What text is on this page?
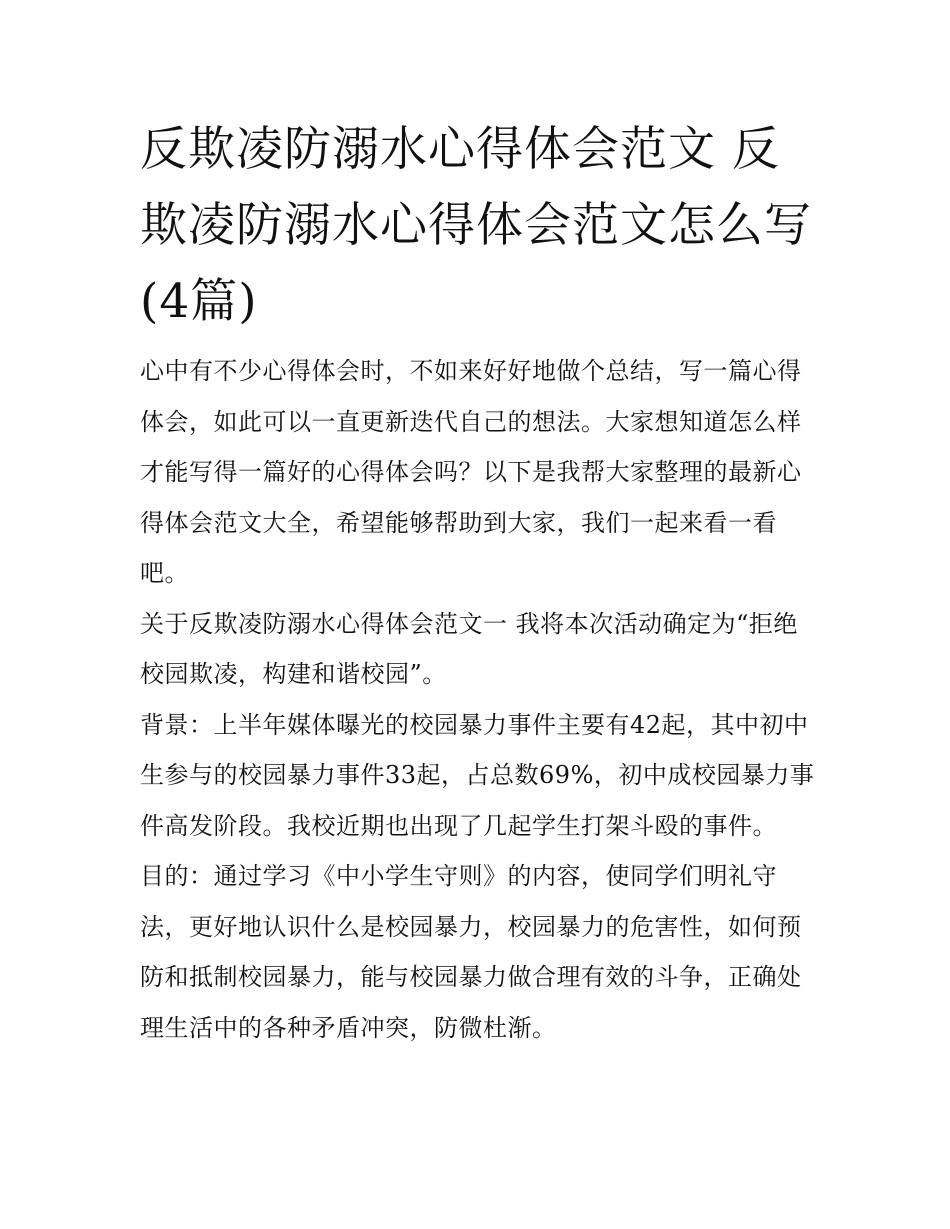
反欺凌防溺水心得体会范文 反欺凌防溺水心得体会范文怎么写(4篇)

心中有不少心得体会时，不如来好好地做个总结，写一篇心得体会，如此可以一直更新迭代自己的想法。大家想知道怎么样才能写得一篇好的心得体会吗？以下是我帮大家整理的最新心得体会范文大全，希望能够帮助到大家，我们一起来看一看吧。

关于反欺凌防溺水心得体会范文一 我将本次活动确定为“拒绝校园欺凌，构建和谐校园”。

背景：上半年媒体曝光的校园暴力事件主要有42起，其中初中生参与的校园暴力事件33起，占总数69%，初中成校园暴力事件高发阶段。我校近期也出现了几起学生打架斗殴的事件。

目的：通过学习《中小学生守则》的内容，使同学们明礼守法，更好地认识什么是校园暴力，校园暴力的危害性，如何预防和抵制校园暴力，能与校园暴力做合理有效的斗争，正确处理生活中的各种矛盾冲突，防微杜渐。
